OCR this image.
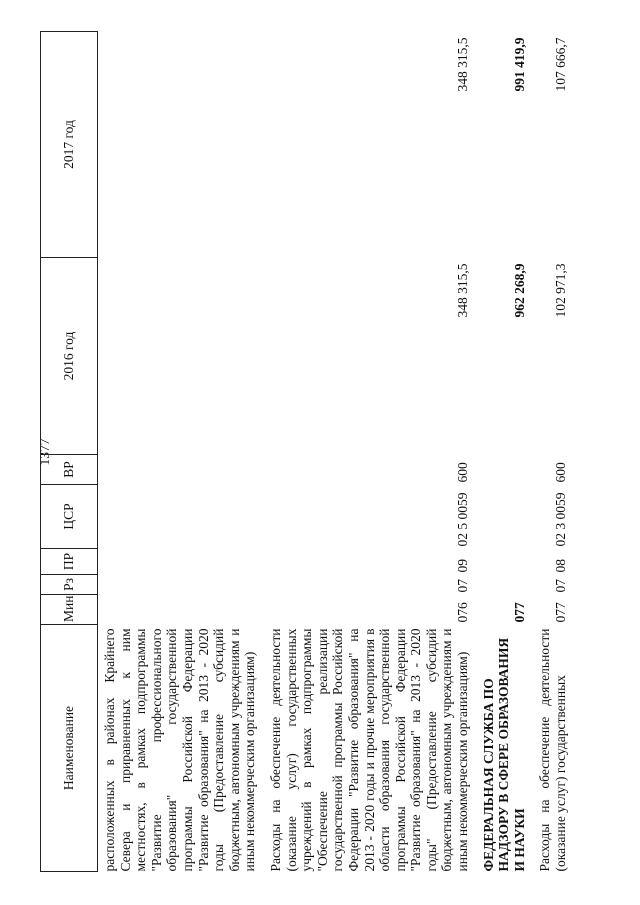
1377
Наименование	Мин	Рз	ПР	ЦСР	ВР	2016 год	2017 год
расположенных в районах Крайнего Севера и приравненных к ним местностях, в рамках подпрограммы "Развитие профессионального образования" государственной программы Российской Федерации "Развитие образования" на 2013 - 2020 годы (Предоставление субсидий бюджетным, автономным учреждениям и иным некоммерческим организациям)							
Расходы на обеспечение деятельности (оказание услуг) государственных учреждений в рамках подпрограммы "Обеспечение реализации государственной программы Российской Федерации "Развитие образования" на 2013 - 2020 годы и прочие мероприятия в области образования государственной программы Российской Федерации "Развитие образования" на 2013 - 2020 годы" (Предоставление субсидий бюджетным, автономным учреждениям и иным некоммерческим организациям)	076	07	09	02 5 0059	600	348 315,5	348 315,5
ФЕДЕРАЛЬНАЯ СЛУЖБА ПО НАДЗОРУ В СФЕРЕ ОБРАЗОВАНИЯ И НАУКИ	077					962 268,9	991 419,9
Расходы на обеспечение деятельности (оказание услуг) государственных	077	07	08	02 3 0059	600	102 971,3	107 666,7
